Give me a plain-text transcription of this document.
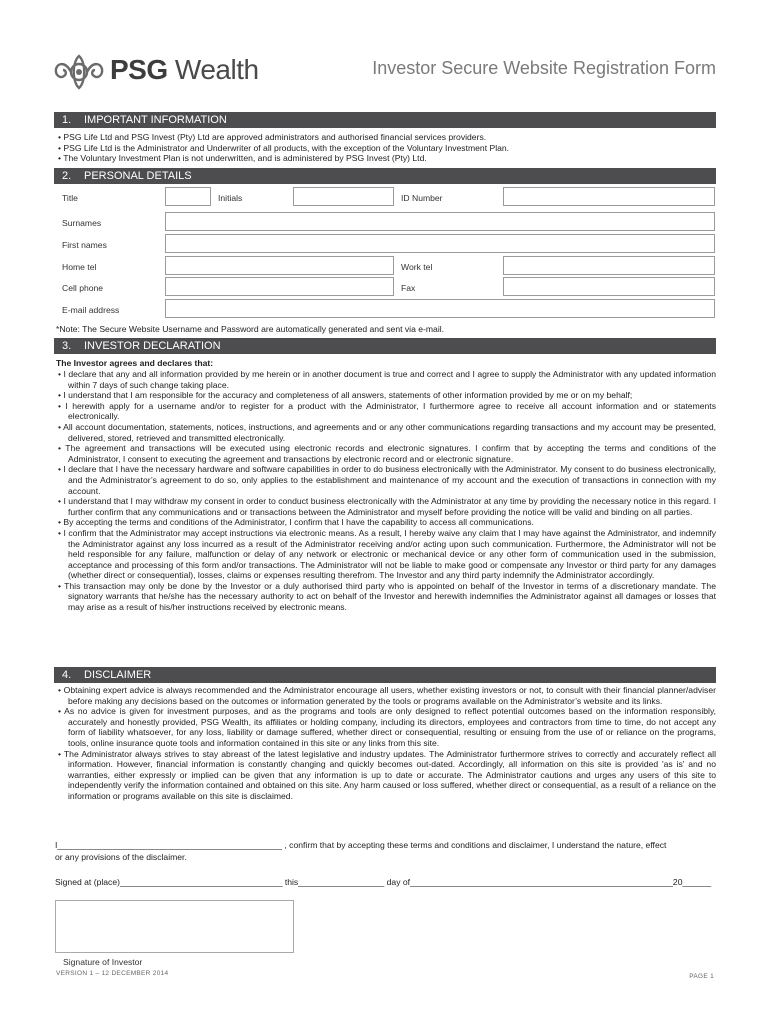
PSG Wealth	Investor Secure Website Registration Form
1. IMPORTANT INFORMATION

• PSG Life Ltd and PSG Invest (Pty) Ltd are approved administrators and authorised financial services providers.

• PSG Life Ltd is the Administrator and Underwriter of all products, with the exception of the Voluntary Investment Plan.

• The Voluntary Investment Plan is not underwritten, and is administered by PSG Invest (Pty) Ltd.

2. PERSONAL DETAILS
Title	Initials	ID Number
Surnames
First names
Home tel	Work tel
Cell phone	Fax
E-mail address
*Note: The Secure Website Username and Password are automatically generated and sent via e-mail.
3. INVESTOR DECLARATION
The Investor agrees and declares that:

• I declare that any and all information provided by me herein or in another document is true and correct and I agree to supply the Administrator with any updated information within 7 days of such change taking place.

• I understand that I am responsible for the accuracy and completeness of all answers, statements of other information provided by me or on my behalf;

• I herewith apply for a username and/or to register for a product with the Administrator, I furthermore agree to receive all account information and or statements electronically.

• All account documentation, statements, notices, instructions, and agreements and or any other communications regarding transactions and my account may be presented, delivered, stored, retrieved and transmitted electronically.

• The agreement and transactions will be executed using electronic records and electronic signatures. I confirm that by accepting the terms and conditions of the Administrator, I consent to executing the agreement and transactions by electronic record and or electronic signature.

• I declare that I have the necessary hardware and software capabilities in order to do business electronically with the Administrator. My consent to do business electronically, and the Administrator’s agreement to do so, only applies to the establishment and maintenance of my account and the execution of transactions in connection with my account.

• I understand that I may withdraw my consent in order to conduct business electronically with the Administrator at any time by providing the necessary notice in this regard. I further confirm that any communications and or transactions between the Administrator and myself before providing the notice will be valid and binding on all parties.

• By accepting the terms and conditions of the Administrator, I confirm that I have the capability to access all communications.

• I confirm that the Administrator may accept instructions via electronic means. As a result, I hereby waive any claim that I may have against the Administrator, and indemnify the Administrator against any loss incurred as a result of the Administrator receiving and/or acting upon such communication. Furthermore, the Administrator will not be held responsible for any failure, malfunction or delay of any network or electronic or mechanical device or any other form of communication used in the submission, acceptance and processing of this form and/or transactions. The Administrator will not be liable to make good or compensate any Investor or third party for any damages (whether direct or consequential), losses, claims or expenses resulting therefrom. The Investor and any third party indemnify the Administrator accordingly.

• This transaction may only be done by the Investor or a duly authorised third party who is appointed on behalf of the Investor in terms of a discretionary mandate. The signatory warrants that he/she has the necessary authority to act on behalf of the Investor and herewith indemnifies the Administrator against all damages or losses that may arise as a result of his/her instructions received by electronic means.

4. DISCLAIMER

• Obtaining expert advice is always recommended and the Administrator encourage all users, whether existing investors or not, to consult with their financial planner/adviser before making any decisions based on the outcomes or information generated by the tools or programs available on the Administrator’s website and its links.

• As no advice is given for investment purposes, and as the programs and tools are only designed to reflect potential outcomes based on the information responsibly, accurately and honestly provided, PSG Wealth, its affiliates or holding company, including its directors, employees and contractors from time to time, do not accept any form of liability whatsoever, for any loss, liability or damage suffered, whether direct or consequential, resulting or ensuing from the use of or reliance on the programs, tools, online insurance quote tools and information contained in this site or any links from this site.

• The Administrator always strives to stay abreast of the latest legislative and industry updates. The Administrator furthermore strives to correctly and accurately reflect all information. However, financial information is constantly changing and quickly becomes out-dated. Accordingly, all information on this site is provided 'as is' and no warranties, either expressly or implied can be given that any information is up to date or accurate. The Administrator cautions and urges any users of this site to independently verify the information contained and obtained on this site. Any harm caused or loss suffered, whether direct or consequential, as a result of a reliance on the information or programs available on this site is disclaimed.

I_______________________________________________ , confirm that by accepting these terms and conditions and disclaimer, I understand the nature, effect
or any provisions of the disclaimer.
Signed at (place)__________________________________ this__________________ day of_______________________________________________________20______
Signature of Investor
VERSION 1 – 12 DECEMBER 2014	PAGE 1
